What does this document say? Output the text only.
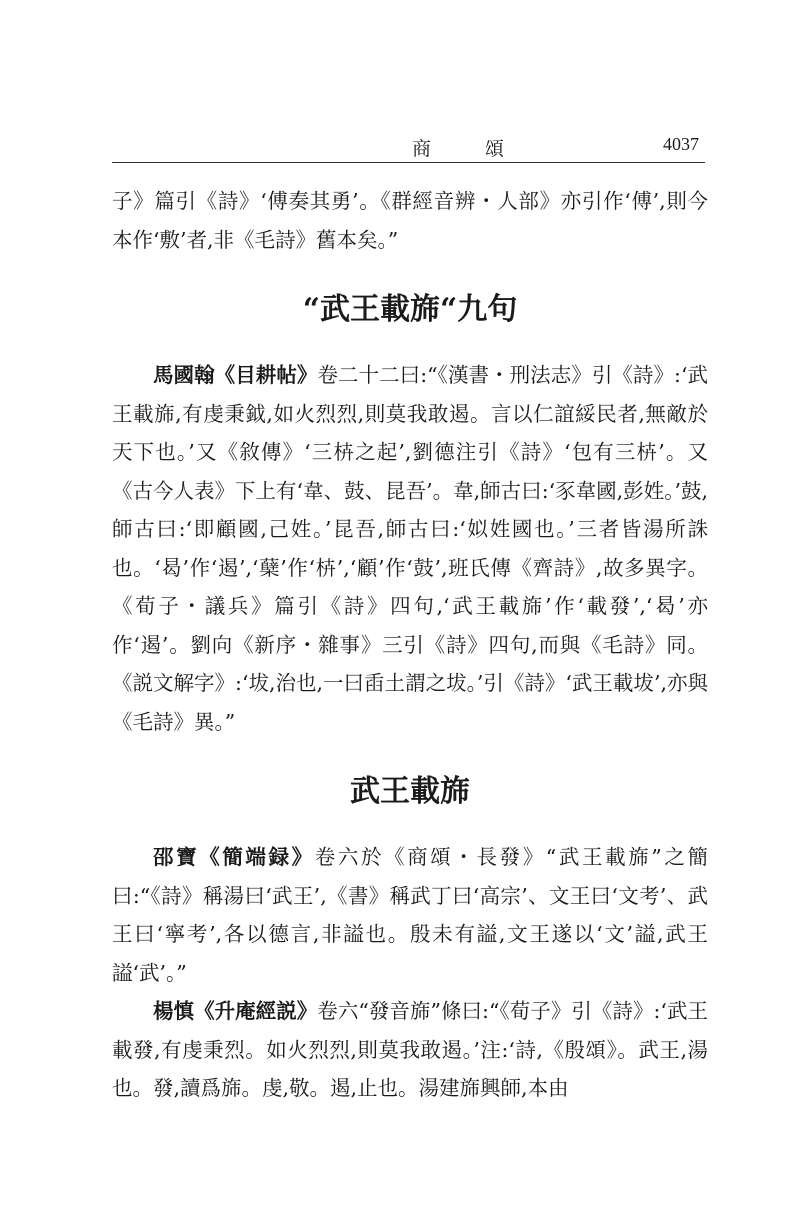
商 頌	4037

子》篇引《詩》‘傅奏其勇’。《群經音辨・人部》亦引作‘傅’,則今本作‘敷’者,非《毛詩》舊本矣。”

“武王載旆“九句

馬國翰《目耕帖》卷二十二曰:“《漢書・刑法志》引《詩》:‘武王載旆,有虔秉鉞,如火烈烈,則莫我敢遏。言以仁誼綏民者,無敵於天下也。’又《敘傳》‘三枿之起’,劉德注引《詩》‘包有三枿’。又《古今人表》下上有‘韋、鼓、昆吾’。韋,師古曰:‘豕韋國,彭姓。’鼓,師古曰:‘即顧國,己姓。’昆吾,師古曰:‘姒姓國也。’三者皆湯所誅也。‘曷’作‘遏’,‘蘖’作‘枿’,‘顧’作‘鼓’,班氏傳《齊詩》,故多異字。《荀子・議兵》篇引《詩》四句,‘武王載旆’作‘載發’,‘曷’亦作‘遏’。劉向《新序・雜事》三引《詩》四句,而與《毛詩》同。《説文解字》:‘坺,治也,一曰臿土謂之坺。’引《詩》‘武王載坺’,亦與《毛詩》異。”

武王載旆

邵寶《簡端録》卷六於《商頌・長發》“武王載旆”之簡曰:“《詩》稱湯曰‘武王’,《書》稱武丁曰‘高宗’、文王曰‘文考’、武王曰‘寧考’,各以德言,非謚也。殷未有謚,文王遂以‘文’謚,武王謚‘武’。”

楊慎《升庵經説》卷六“發音旆”條曰:“《荀子》引《詩》:‘武王載發,有虔秉烈。如火烈烈,則莫我敢遏。’注:‘詩,《殷頌》。武王,湯也。發,讀爲旆。虔,敬。遏,止也。湯建旆興師,本由
